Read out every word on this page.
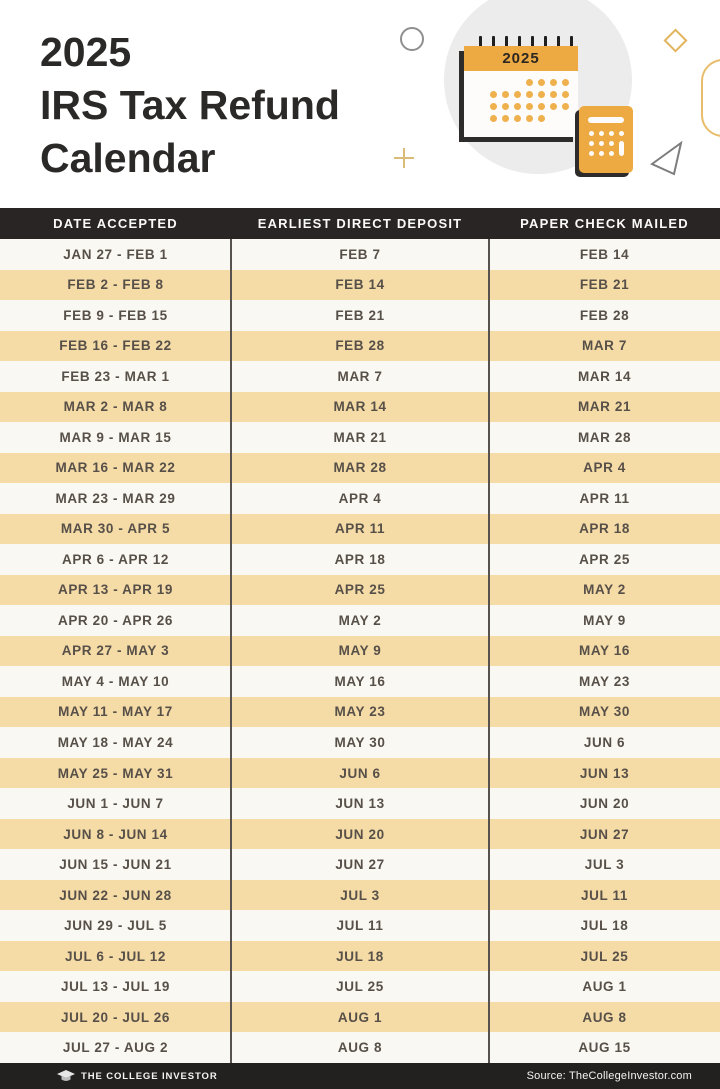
2025
2025
IRS Tax Refund
Calendar
DATE ACCEPTED	EARLIEST DIRECT DEPOSIT	PAPER CHECK MAILED
JAN 27 - FEB 1	FEB 7	FEB 14
FEB 2 - FEB 8	FEB 14	FEB 21
FEB 9 - FEB 15	FEB 21	FEB 28
FEB 16 - FEB 22	FEB 28	MAR 7
FEB 23 - MAR 1	MAR 7	MAR 14
MAR 2 - MAR 8	MAR 14	MAR 21
MAR 9 - MAR 15	MAR 21	MAR 28
MAR 16 - MAR 22	MAR 28	APR 4
MAR 23 - MAR 29	APR 4	APR 11
MAR 30 - APR 5	APR 11	APR 18
APR 6 - APR 12	APR 18	APR 25
APR 13 - APR 19	APR 25	MAY 2
APR 20 - APR 26	MAY 2	MAY 9
APR 27 - MAY 3	MAY 9	MAY 16
MAY 4 - MAY 10	MAY 16	MAY 23
MAY 11 - MAY 17	MAY 23	MAY 30
MAY 18 - MAY 24	MAY 30	JUN 6
MAY 25 - MAY 31	JUN 6	JUN 13
JUN 1 - JUN 7	JUN 13	JUN 20
JUN 8 - JUN 14	JUN 20	JUN 27
JUN 15 - JUN 21	JUN 27	JUL 3
JUN 22 - JUN 28	JUL 3	JUL 11
JUN 29 - JUL 5	JUL 11	JUL 18
JUL 6 - JUL 12	JUL 18	JUL 25
JUL 13 - JUL 19	JUL 25	AUG 1
JUL 20 - JUL 26	AUG 1	AUG 8
JUL 27 - AUG 2	AUG 8	AUG 15
THE COLLEGE INVESTOR	Source: TheCollegeInvestor.com
